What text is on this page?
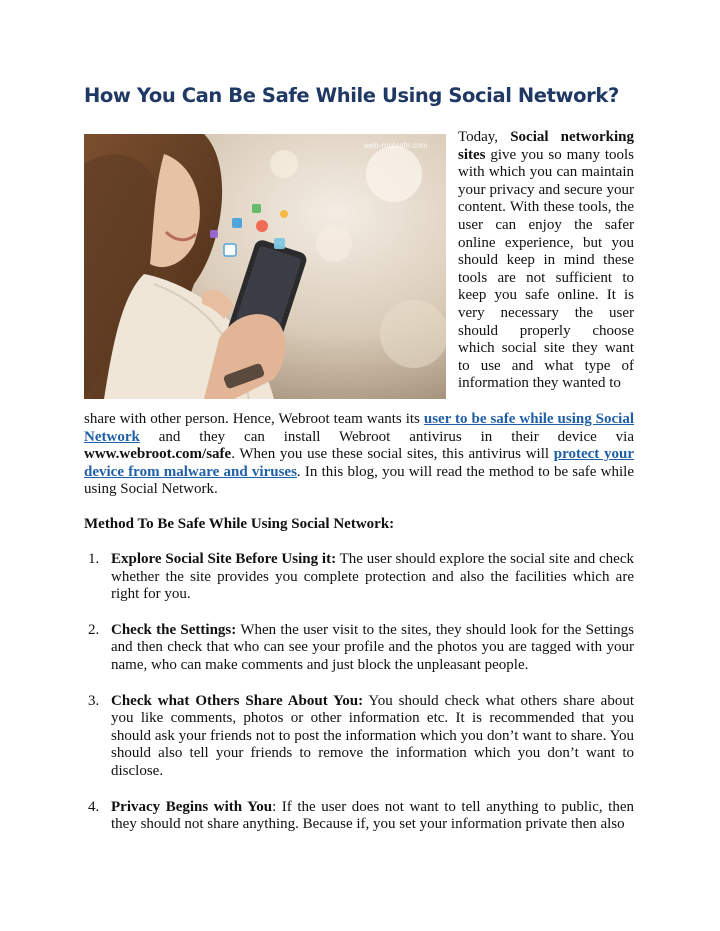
How You Can Be Safe While Using Social Network?
web-rootsafe.com
Today, Social networking sites give you so many tools with which you can maintain your privacy and secure your content. With these tools, the user can enjoy the safer online experience, but you should keep in mind these tools are not sufficient to keep you safe online. It is very necessary the user should properly choose which social site they want to use and what type of information they wanted to

share with other person. Hence, Webroot team wants its user to be safe while using Social Network and they can install Webroot antivirus in their device via www.webroot.com/safe. When you use these social sites, this antivirus will protect your device from malware and viruses. In this blog, you will read the method to be safe while using Social Network.

Method To Be Safe While Using Social Network:
1. Explore Social Site Before Using it: The user should explore the social site and check whether the site provides you complete protection and also the facilities which are right for you.
2. Check the Settings: When the user visit to the sites, they should look for the Settings and then check that who can see your profile and the photos you are tagged with your name, who can make comments and just block the unpleasant people.
3. Check what Others Share About You: You should check what others share about you like comments, photos or other information etc. It is recommended that you should ask your friends not to post the information which you don’t want to share. You should also tell your friends to remove the information which you don’t want to disclose.
4. Privacy Begins with You: If the user does not want to tell anything to public, then they should not share anything. Because if, you set your information private then also
